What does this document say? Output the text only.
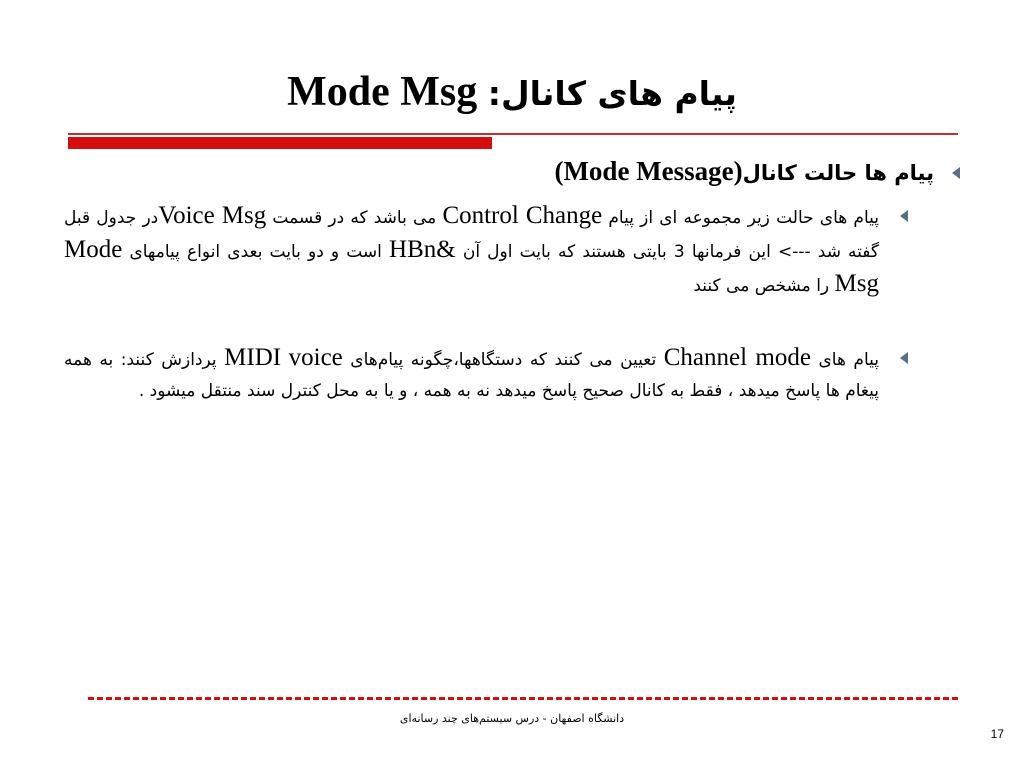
پیام های کانال: Mode Msg
پیام ها حالت کانال(Mode Message)
پیام های حالت زیر مجموعه ای از پیام Control Change می باشد که در قسمت Voice Msgدر جدول قبل گفته شد ---> این فرمانها 3 بایتی هستند که بایت اول آن &HBn است و دو بایت بعدی انواع پیامهای Mode Msg را مشخص می کنند
پیام های Channel mode تعیین می کنند که دستگاهها،چگونه پیام‌های MIDI voice پردازش کنند: به همه پیغام ها پاسخ میدهد ، فقط به کانال صحیح پاسخ میدهد نه به همه ، و یا به محل کنترل سند منتقل میشود .
دانشگاه اصفهان - درس سیستم‌های چند رسانه‌ای
17
